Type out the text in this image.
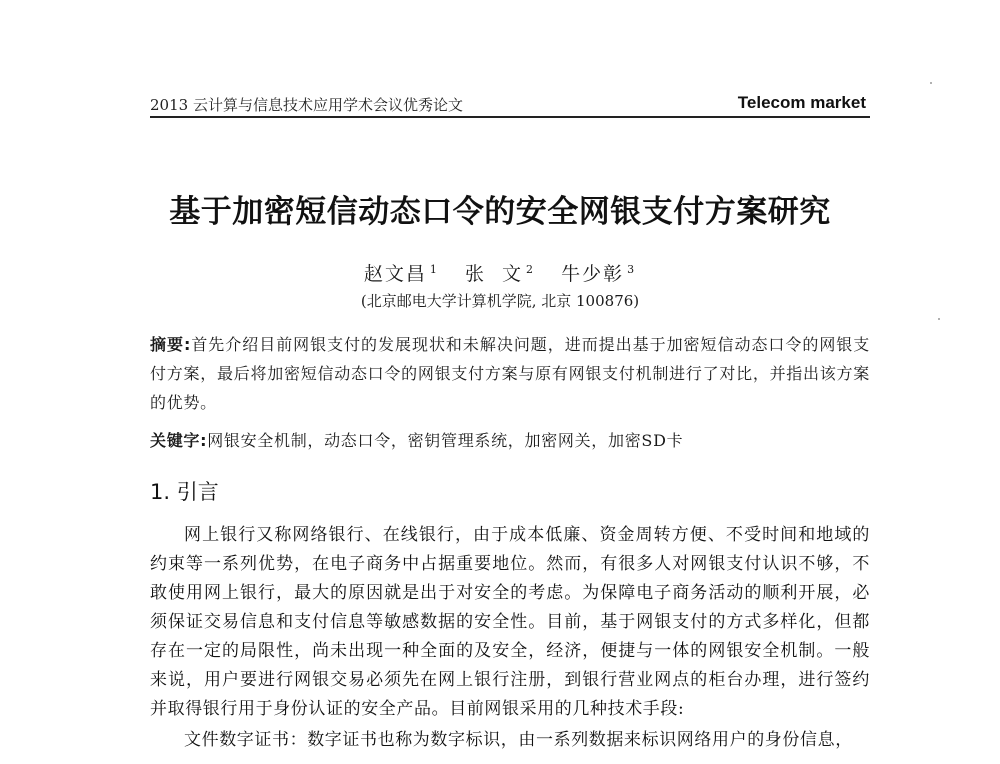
2013 云计算与信息技术应用学术会议优秀论文	Telecom market
基于加密短信动态口令的安全网银支付方案研究
赵文昌 $^1$ 张  文 $^2$ 牛少彰 $^3$
(北京邮电大学计算机学院, 北京 100876)
摘要:首先介绍目前网银支付的发展现状和未解决问题，进而提出基于加密短信动态口令的网银支付方案，最后将加密短信动态口令的网银支付方案与原有网银支付机制进行了对比，并指出该方案的优势。
关键字:网银安全机制，动态口令，密钥管理系统，加密网关，加密SD卡
1. 引言

网上银行又称网络银行、在线银行，由于成本低廉、资金周转方便、不受时间和地域的约束等一系列优势，在电子商务中占据重要地位。然而，有很多人对网银支付认识不够，不敢使用网上银行，最大的原因就是出于对安全的考虑。为保障电子商务活动的顺利开展，必须保证交易信息和支付信息等敏感数据的安全性。目前，基于网银支付的方式多样化，但都存在一定的局限性，尚未出现一种全面的及安全，经济，便捷与一体的网银安全机制。一般来说，用户要进行网银交易必须先在网上银行注册，到银行营业网点的柜台办理，进行签约并取得银行用于身份认证的安全产品。目前网银采用的几种技术手段:

文件数字证书：数字证书也称为数字标识，由一系列数据来标识网络用户的身份信息，
